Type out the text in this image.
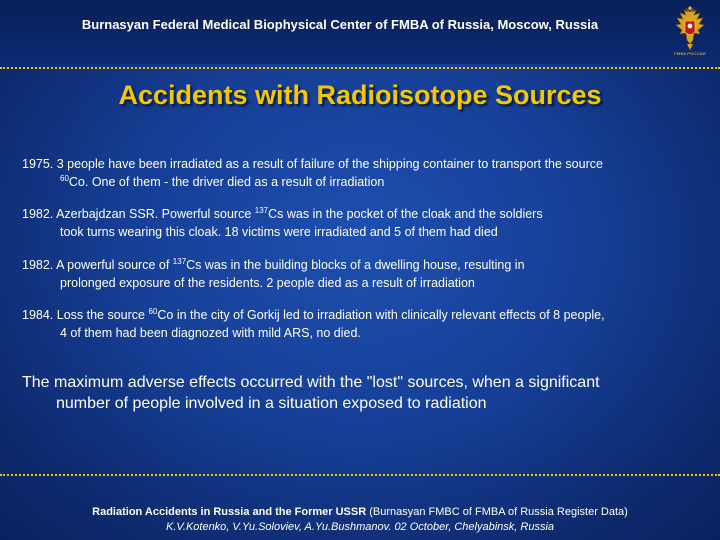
Burnasyan Federal Medical Biophysical Center of FMBA of Russia, Moscow, Russia
FMBA РОССИИ
Accidents with Radioisotope Sources
1975. 3 people have been irradiated as a result of failure of the shipping container to transport the source
$^{60}$Co. One of them - the driver died as a result of irradiation
1982. Azerbajdzan SSR. Powerful source $^{137}$Cs was in the pocket of the cloak and the soldiers
took turns wearing this cloak. 18 victims were irradiated and 5 of them had died
1982. A powerful source of $^{137}$Cs was in the building blocks of a dwelling house, resulting in
prolonged exposure of the residents. 2 people died as a result of irradiation
1984. Loss the source $^{60}$Co in the city of Gorkij led to irradiation with clinically relevant effects of 8 people,
4 of them had been diagnozed with mild ARS, no died.
The maximum adverse effects occurred with the "lost" sources, when a significant
number of people involved in a situation exposed to radiation
Radiation Accidents in Russia and the Former USSR (Burnasyan FMBC of FMBA of Russia Register Data)
K.V.Kotenko, V.Yu.Soloviev, A.Yu.Bushmanov. 02 October, Chelyabinsk, Russia
